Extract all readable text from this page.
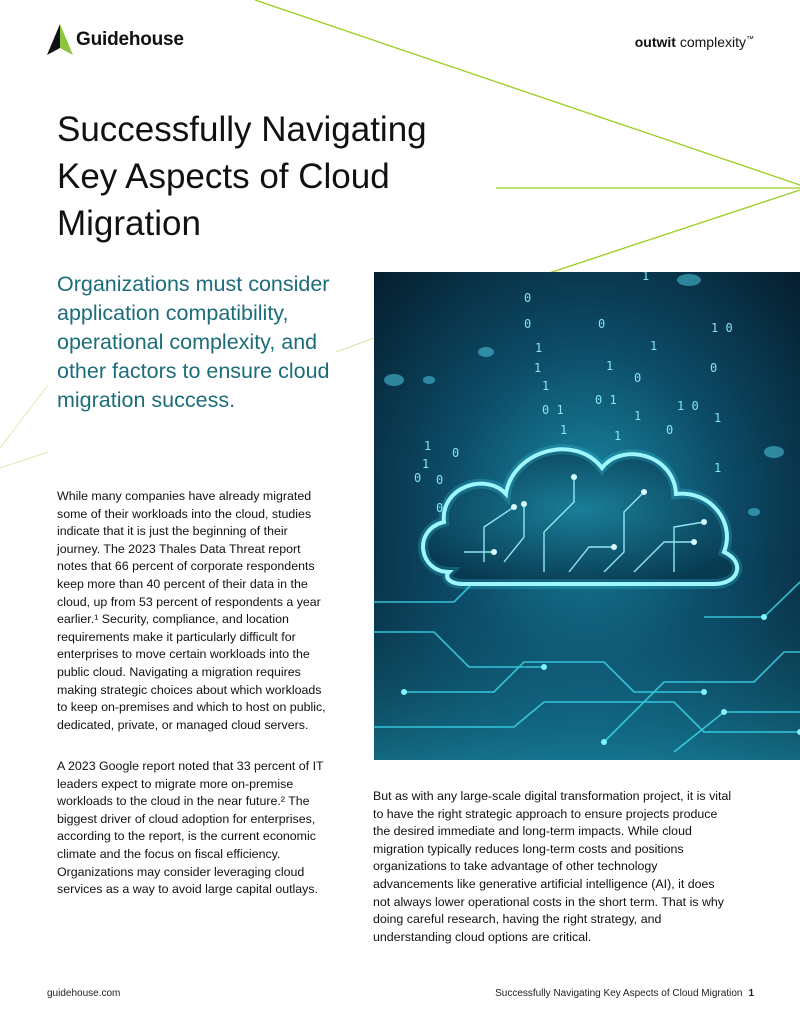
Guidehouse	outwit complexity™
Successfully Navigating Key Aspects of Cloud Migration
Organizations must consider application compatibility, operational complexity, and other factors to ensure cloud migration success.

While many companies have already migrated some of their workloads into the cloud, studies indicate that it is just the beginning of their journey. The 2023 Thales Data Threat report notes that 66 percent of corporate respondents keep more than 40 percent of their data in the cloud, up from 53 percent of respondents a year earlier.¹ Security, compliance, and location requirements make it particularly difficult for enterprises to move certain workloads into the public cloud. Navigating a migration requires making strategic choices about which workloads to keep on-premises and which to host on public, dedicated, private, or managed cloud servers.

A 2023 Google report noted that 33 percent of IT leaders expect to migrate more on-premise workloads to the cloud in the near future.² The biggest driver of cloud adoption for enterprises, according to the report, is the current economic climate and the focus on fiscal efficiency. Organizations may consider leveraging cloud services as a way to avoid large capital outlays.

But as with any large-scale digital transformation project, it is vital to have the right strategic approach to ensure projects produce the desired immediate and long-term impacts. While cloud migration typically reduces long-term costs and positions organizations to take advantage of other technology advancements like generative artificial intelligence (AI), it does not always lower operational costs in the short term. That is why doing careful research, having the right strategy, and understanding cloud options are critical.

0
1
0	0	1 0
1	1
1
1
0
0
1
0 1
1
1 0
0 1
1
1	1	0
1 0
1
0
0
0
1
guidehouse.com	Successfully Navigating Key Aspects of Cloud Migration 1
